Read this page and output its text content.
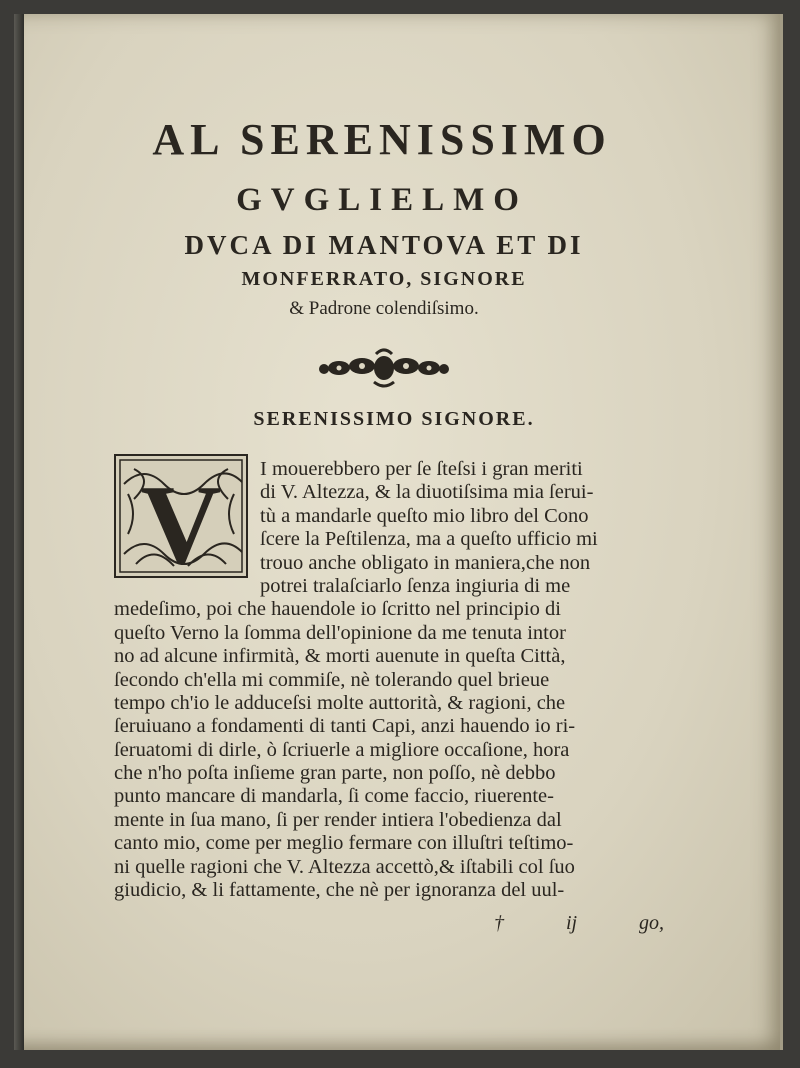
AL SERENISSIMO
GVGLIELMO
DVCA DI MANTOVA ET DI
MONFERRATO, SIGNORE
& Padrone colendiſsimo.
SERENISSIMO SIGNORE.
V	I mouerebbero per ſe ſteſsi i gran meriti
di V. Altezza, & la diuotiſsima mia ſerui-
tù a mandarle queſto mio libro del Cono
ſcere la Peſtilenza, ma a queſto ufficio mi
trouo anche obligato in maniera,che non
potrei tralaſciarlo ſenza ingiuria di me
medeſimo, poi che hauendole io ſcritto nel principio di
queſto Verno la ſomma dell'opinione da me tenuta intor
no ad alcune infirmità, & morti auenute in queſta Città,
ſecondo ch'ella mi commiſe, nè tolerando quel brieue
tempo ch'io le adduceſsi molte auttorità, & ragioni, che
ſeruiuano a fondamenti di tanti Capi, anzi hauendo io ri-
ſeruatomi di dirle, ò ſcriuerle a migliore occaſione, hora
che n'ho poſta inſieme gran parte, non poſſo, nè debbo
punto mancare di mandarla, ſi come faccio, riuerente-
mente in ſua mano, ſi per render intiera l'obedienza dal
canto mio, come per meglio fermare con illuſtri teſtimo-
ni quelle ragioni che V. Altezza accettò,& iſtabili col ſuo
giudicio, & li fattamente, che nè per ignoranza del uul-
†	ij	go,
